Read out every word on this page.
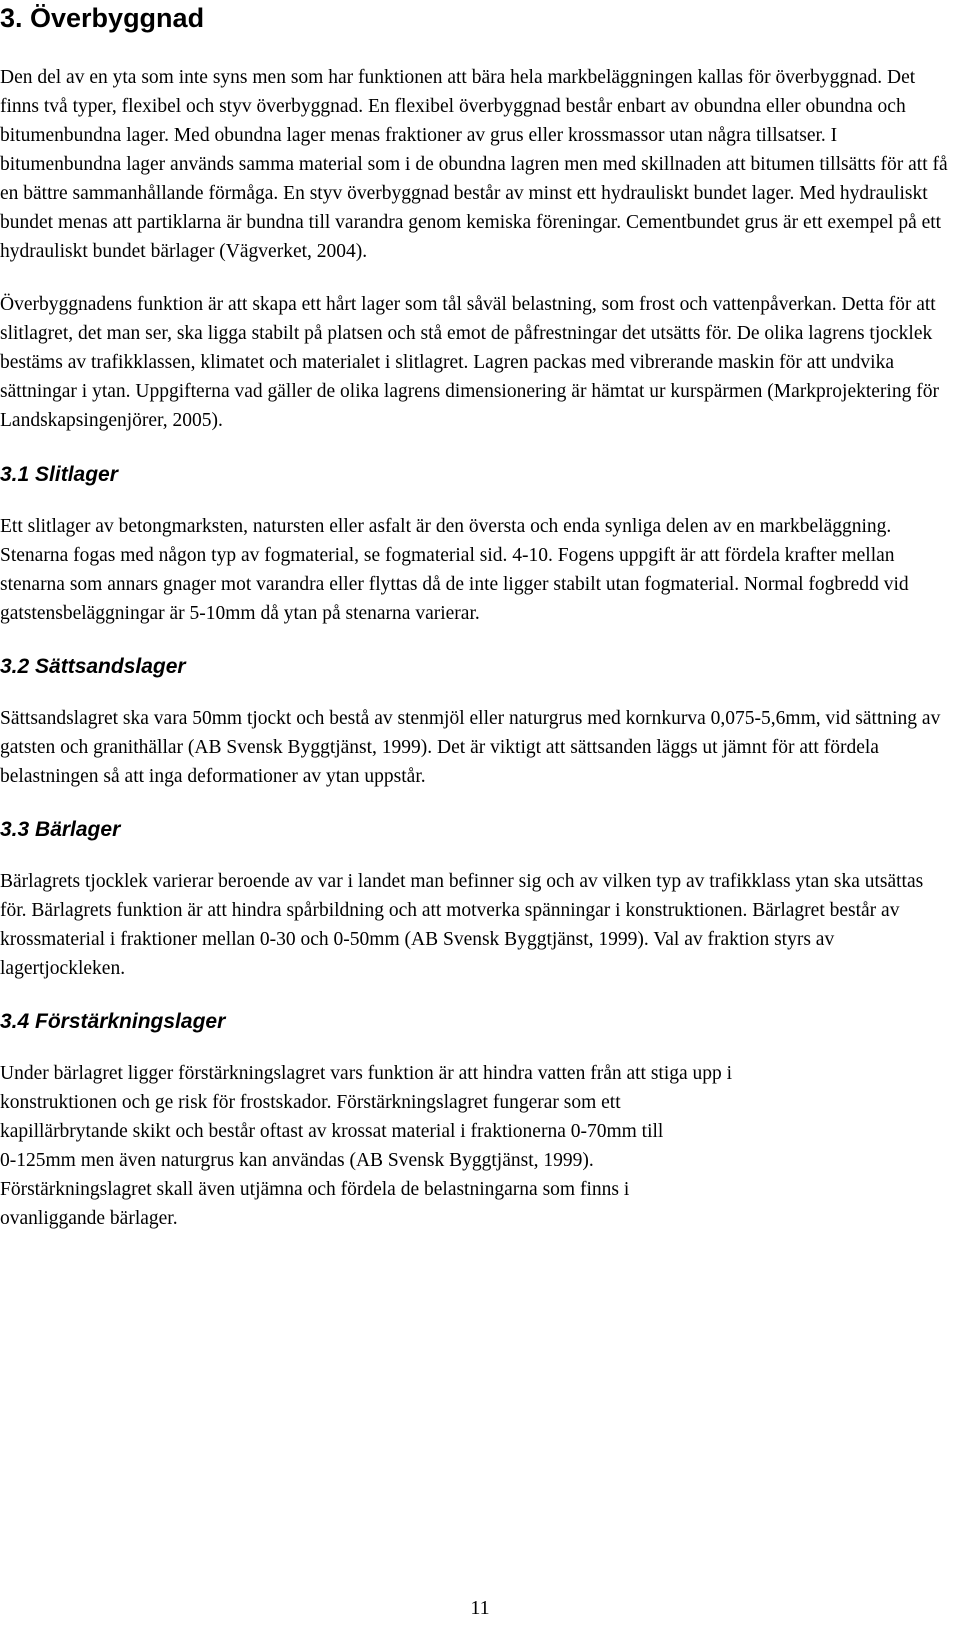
3. Överbyggnad

Den del av en yta som inte syns men som har funktionen att bära hela markbeläggningen kallas för överbyggnad. Det finns två typer, flexibel och styv överbyggnad. En flexibel överbyggnad består enbart av obundna eller obundna och bitumenbundna lager. Med obundna lager menas fraktioner av grus eller krossmassor utan några tillsatser. I bitumenbundna lager används samma material som i de obundna lagren men med skillnaden att bitumen tillsätts för att få en bättre sammanhållande förmåga. En styv överbyggnad består av minst ett hydrauliskt bundet lager. Med hydrauliskt bundet menas att partiklarna är bundna till varandra genom kemiska föreningar. Cementbundet grus är ett exempel på ett hydrauliskt bundet bärlager (Vägverket, 2004).

Överbyggnadens funktion är att skapa ett hårt lager som tål såväl belastning, som frost och vattenpåverkan. Detta för att slitlagret, det man ser, ska ligga stabilt på platsen och stå emot de påfrestningar det utsätts för. De olika lagrens tjocklek bestäms av trafikklassen, klimatet och materialet i slitlagret. Lagren packas med vibrerande maskin för att undvika sättningar i ytan. Uppgifterna vad gäller de olika lagrens dimensionering är hämtat ur kurspärmen (Markprojektering för Landskapsingenjörer, 2005).

3.1 Slitlager

Ett slitlager av betongmarksten, natursten eller asfalt är den översta och enda synliga delen av en markbeläggning. Stenarna fogas med någon typ av fogmaterial, se fogmaterial sid. 4-10. Fogens uppgift är att fördela krafter mellan stenarna som annars gnager mot varandra eller flyttas då de inte ligger stabilt utan fogmaterial. Normal fogbredd vid gatstensbeläggningar är 5-10mm då ytan på stenarna varierar.

3.2 Sättsandslager

Sättsandslagret ska vara 50mm tjockt och bestå av stenmjöl eller naturgrus med kornkurva 0,075-5,6mm, vid sättning av gatsten och granithällar (AB Svensk Byggtjänst, 1999). Det är viktigt att sättsanden läggs ut jämnt för att fördela belastningen så att inga deformationer av ytan uppstår.

3.3 Bärlager

Bärlagrets tjocklek varierar beroende av var i landet man befinner sig och av vilken typ av trafikklass ytan ska utsättas för. Bärlagrets funktion är att hindra spårbildning och att motverka spänningar i konstruktionen. Bärlagret består av krossmaterial i fraktioner mellan 0-30 och 0-50mm (AB Svensk Byggtjänst, 1999). Val av fraktion styrs av lagertjockleken.

3.4 Förstärkningslager

Under bärlagret ligger förstärkningslagret vars funktion är att hindra vatten från att stiga upp i
konstruktionen och ge risk för frostskador. Förstärkningslagret fungerar som ett
kapillärbrytande skikt och består oftast av krossat material i fraktionerna 0-70mm till
0-125mm men även naturgrus kan användas (AB Svensk Byggtjänst, 1999).
Förstärkningslagret skall även utjämna och fördela de belastningarna som finns i
ovanliggande bärlager.

11
